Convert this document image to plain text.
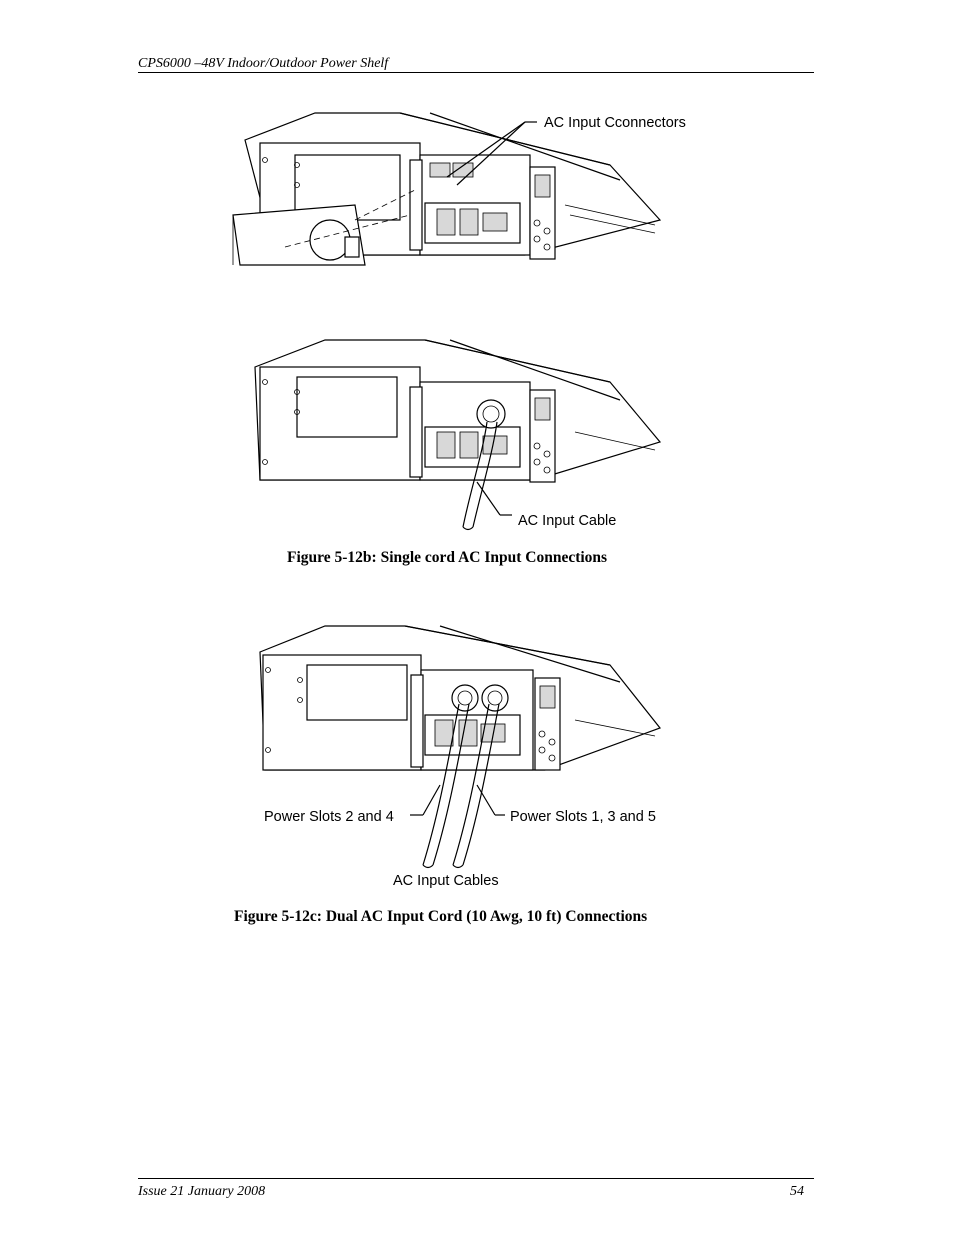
CPS6000 –48V Indoor/Outdoor Power Shelf
AC Input Cconnectors
AC Input Cable
Figure 5-12b: Single cord AC Input Connections
Power Slots 2 and 4	Power Slots 1, 3 and 5
AC Input Cables
Figure 5-12c: Dual AC Input Cord (10 Awg, 10 ft) Connections
Issue 21 January 2008	54
